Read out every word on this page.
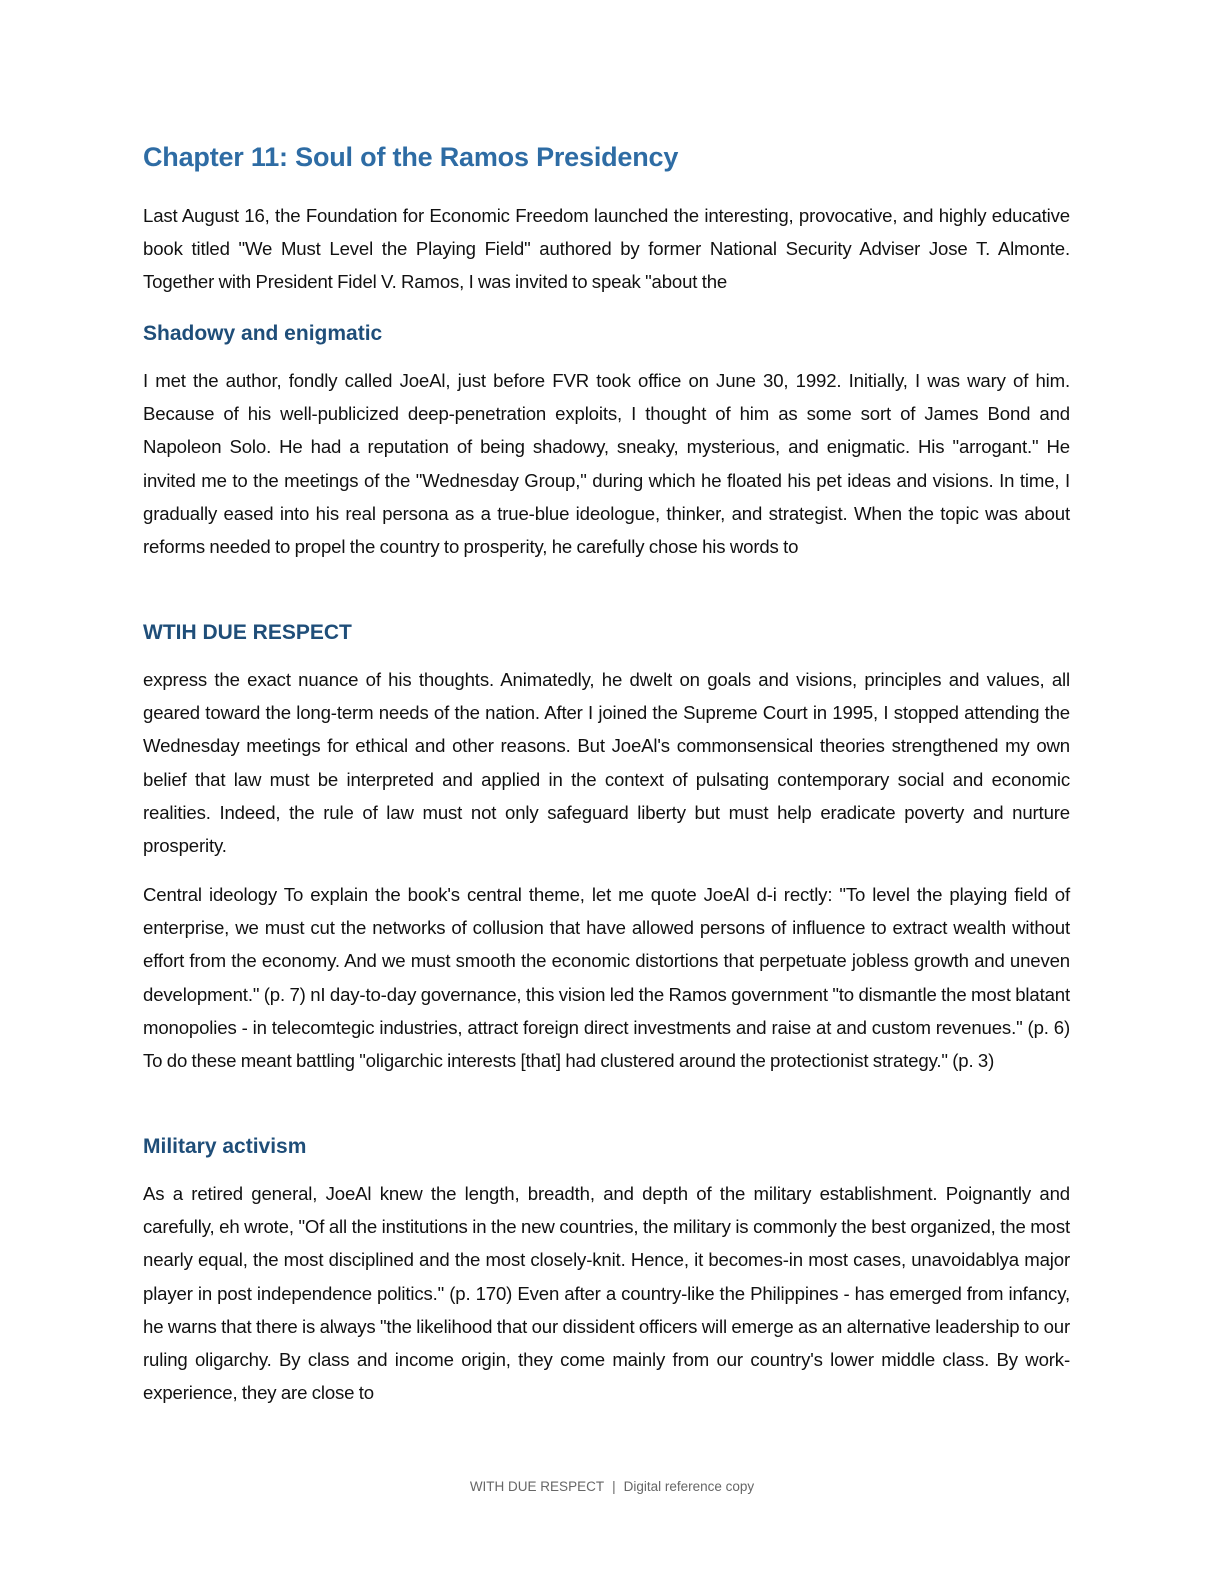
Chapter 11: Soul of the Ramos Presidency

Last August 16, the Foundation for Economic Freedom launched the interesting, provocative, and highly educative book titled "We Must Level the Playing Field" authored by former National Security Adviser Jose T. Almonte. Together with President Fidel V. Ramos, I was invited to speak "about the

Shadowy and enigmatic

I met the author, fondly called JoeAl, just before FVR took office on June 30, 1992. Initially, I was wary of him. Because of his well-publicized deep-penetration exploits, I thought of him as some sort of James Bond and Napoleon Solo. He had a reputation of being shadowy, sneaky, mysterious, and enigmatic. His "arrogant." He invited me to the meetings of the "Wednesday Group," during which he floated his pet ideas and visions. In time, I gradually eased into his real persona as a true-blue ideologue, thinker, and strategist. When the topic was about reforms needed to propel the country to prosperity, he carefully chose his words to

WTIH DUE RESPECT

express the exact nuance of his thoughts. Animatedly, he dwelt on goals and visions, principles and values, all geared toward the long-term needs of the nation. After I joined the Supreme Court in 1995, I stopped attending the Wednesday meetings for ethical and other reasons. But JoeAl's commonsensical theories strengthened my own belief that law must be interpreted and applied in the context of pulsating contemporary social and economic realities. Indeed, the rule of law must not only safeguard liberty but must help eradicate poverty and nurture prosperity.

Central ideology To explain the book's central theme, let me quote JoeAl d-i rectly: "To level the playing field of enterprise, we must cut the networks of collusion that have allowed persons of influence to extract wealth without effort from the economy. And we must smooth the economic distortions that perpetuate jobless growth and uneven development." (p. 7) nI day-to-day governance, this vision led the Ramos government "to dismantle the most blatant monopolies - in telecomtegic industries, attract foreign direct investments and raise at and custom revenues." (p. 6) To do these meant battling "oligarchic interests [that] had clustered around the protectionist strategy." (p. 3)

Military activism

As a retired general, JoeAl knew the length, breadth, and depth of the military establishment. Poignantly and carefully, eh wrote, "Of all the institutions in the new countries, the military is commonly the best organized, the most nearly equal, the most disciplined and the most closely-knit. Hence, it becomes-in most cases, unavoidablya major player in post independence politics." (p. 170) Even after a country-like the Philippines - has emerged from infancy, he warns that there is always "the likelihood that our dissident officers will emerge as an alternative leadership to our ruling oligarchy. By class and income origin, they come mainly from our country's lower middle class. By work-experience, they are close to

WITH DUE RESPECT | Digital reference copy
